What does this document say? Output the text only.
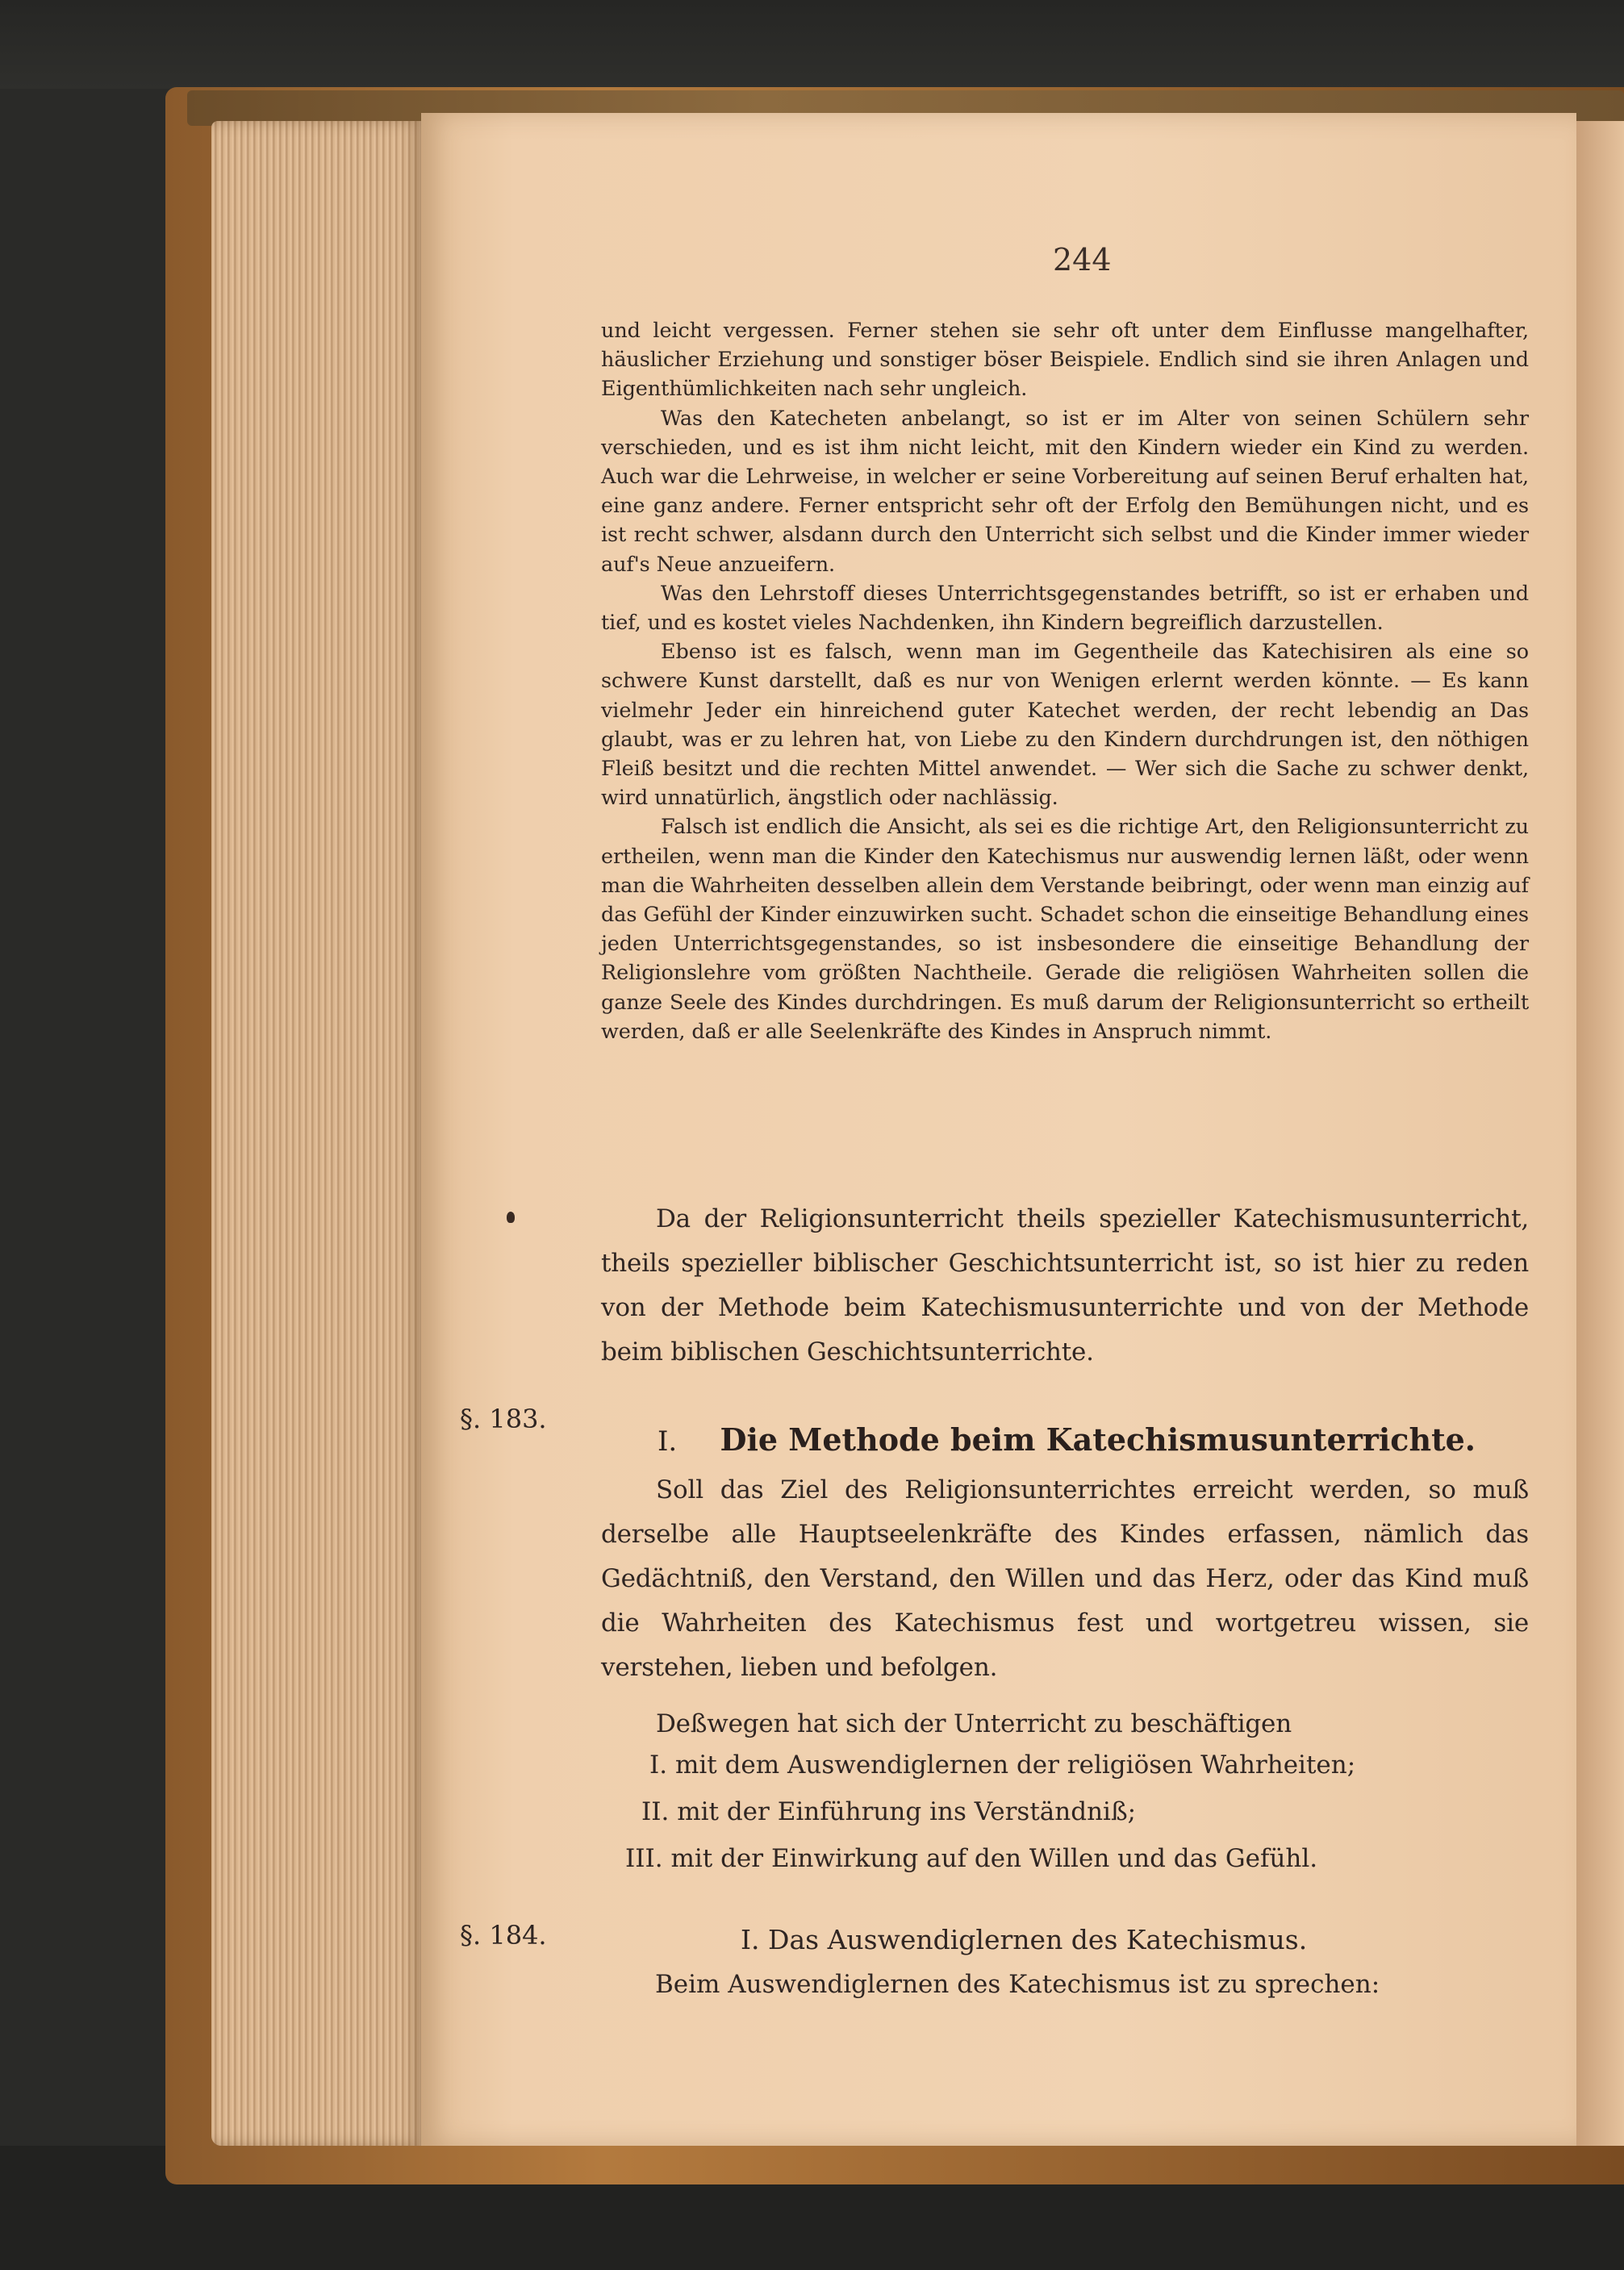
244

und leicht vergessen. Ferner stehen sie sehr oft unter dem Einflusse mangelhafter, häuslicher Erziehung und sonstiger böser Beispiele. Endlich sind sie ihren Anlagen und Eigenthümlichkeiten nach sehr ungleich.

Was den Katecheten anbelangt, so ist er im Alter von seinen Schülern sehr verschieden, und es ist ihm nicht leicht, mit den Kindern wieder ein Kind zu werden. Auch war die Lehrweise, in welcher er seine Vorbereitung auf seinen Beruf erhalten hat, eine ganz andere. Ferner entspricht sehr oft der Erfolg den Bemühungen nicht, und es ist recht schwer, alsdann durch den Unterricht sich selbst und die Kinder immer wieder auf's Neue anzueifern.

Was den Lehrstoff dieses Unterrichtsgegenstandes betrifft, so ist er erhaben und tief, und es kostet vieles Nachdenken, ihn Kindern begreiflich darzustellen.

Ebenso ist es falsch, wenn man im Gegentheile das Katechisiren als eine so schwere Kunst darstellt, daß es nur von Wenigen erlernt werden könnte. — Es kann vielmehr Jeder ein hinreichend guter Katechet werden, der recht lebendig an Das glaubt, was er zu lehren hat, von Liebe zu den Kindern durchdrungen ist, den nöthigen Fleiß besitzt und die rechten Mittel anwendet. — Wer sich die Sache zu schwer denkt, wird unnatürlich, ängstlich oder nachlässig.

Falsch ist endlich die Ansicht, als sei es die richtige Art, den Religionsunterricht zu ertheilen, wenn man die Kinder den Katechismus nur auswendig lernen läßt, oder wenn man die Wahrheiten desselben allein dem Verstande beibringt, oder wenn man einzig auf das Gefühl der Kinder einzuwirken sucht. Schadet schon die einseitige Behandlung eines jeden Unterrichtsgegenstandes, so ist insbesondere die einseitige Behandlung der Religionslehre vom größten Nachtheile. Gerade die religiösen Wahrheiten sollen die ganze Seele des Kindes durchdringen. Es muß darum der Religionsunterricht so ertheilt werden, daß er alle Seelenkräfte des Kindes in Anspruch nimmt.

Da der Religionsunterricht theils spezieller Katechismusunterricht, theils spezieller biblischer Geschichtsunterricht ist, so ist hier zu reden von der Methode beim Katechismusunterrichte und von der Methode beim biblischen Geschichtsunterrichte.

§. 183.
I. Die Methode beim Katechismusunterrichte.

Soll das Ziel des Religionsunterrichtes erreicht werden, so muß derselbe alle Hauptseelenkräfte des Kindes erfassen, nämlich das Gedächtniß, den Verstand, den Willen und das Herz, oder das Kind muß die Wahrheiten des Katechismus fest und wortgetreu wissen, sie verstehen, lieben und befolgen.

Deßwegen hat sich der Unterricht zu beschäftigen

I. mit dem Auswendiglernen der religiösen Wahrheiten;
II. mit der Einführung ins Verständniß;
III. mit der Einwirkung auf den Willen und das Gefühl.
§. 184.	I. Das Auswendiglernen des Katechismus.
Beim Auswendiglernen des Katechismus ist zu sprechen:
